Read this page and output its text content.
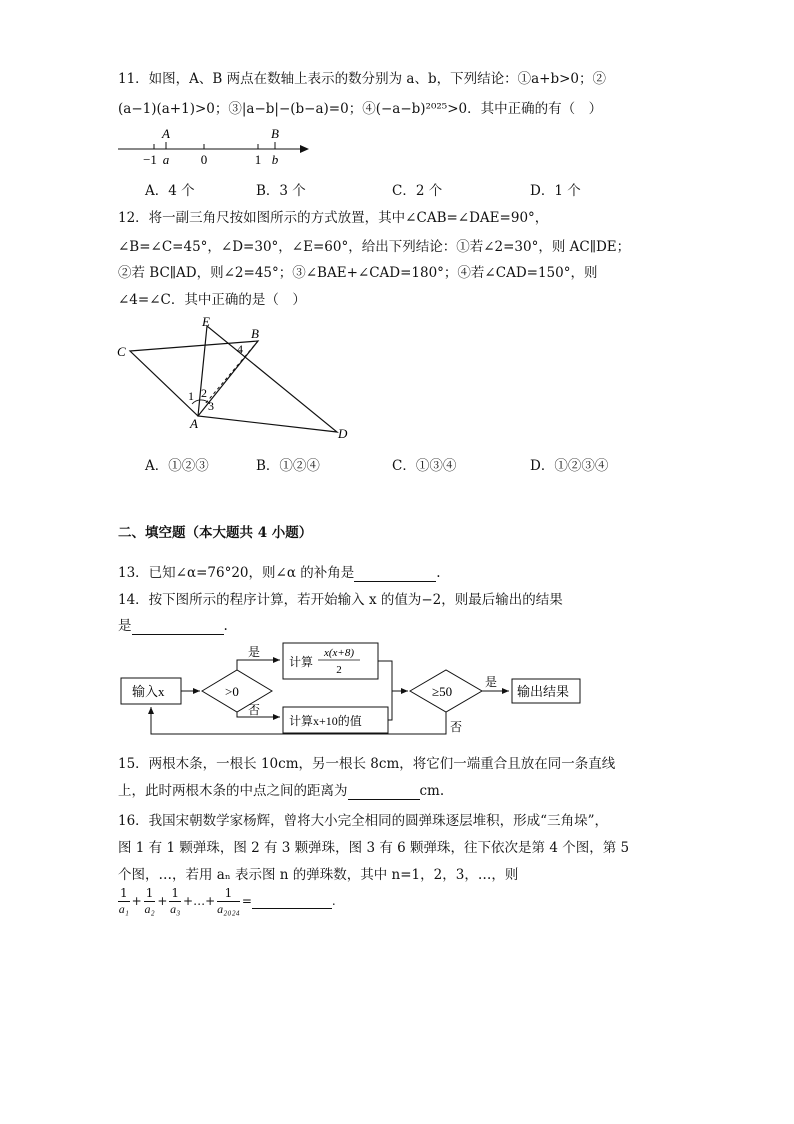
11．如图，A、B 两点在数轴上表示的数分别为 a、b，下列结论：①a+b>0；②
(a−1)(a+1)>0；③|a−b|−(b−a)=0；④(−a−b)²⁰²⁵>0．其中正确的有（　）
A	B
−1 a 0	1 b
A．4 个	B．3 个	C．2 个	D．1 个
12．将一副三角尺按如图所示的方式放置，其中∠CAB=∠DAE=90°，
∠B=∠C=45°，∠D=30°，∠E=60°，给出下列结论：①若∠2=30°，则 AC∥DE；
②若 BC∥AD，则∠2=45°；③∠BAE+∠CAD=180°；④若∠CAD=150°，则
∠4=∠C．其中正确的是（　）
E
B
C
A
D
1 2
3
4
A．①②③	B．①②④	C．①③④	D．①②③④
二、填空题（本大题共 4 小题）
13．已知∠α=76°20，则∠α 的补角是	.
14．按下图所示的程序计算，若开始输入 x 的值为−2，则最后输出的结果
是	.
输入x	>0
是
计算
x(x+8)
2
否
计算x+10的值
≥50
是
输出结果
否
15．两根木条，一根长 10cm，另一根长 8cm，将它们一端重合且放在同一条直线
上，此时两根木条的中点之间的距离为	cm.
16．我国宋朝数学家杨辉，曾将大小完全相同的圆弹珠逐层堆积，形成“三角垛”，
图 1 有 1 颗弹珠，图 2 有 3 颗弹珠，图 3 有 6 颗弹珠，往下依次是第 4 个图，第 5
个图，…，若用 aₙ 表示图 n 的弹珠数，其中 n=1，2，3，…，则
$\frac{1}{\text{a₁}} + \frac{1}{\text{a₂}} + \frac{1}{\text{a₃}}$ +…+ $\frac{1}{\text{a₂₀₂₄}}$ =	.
